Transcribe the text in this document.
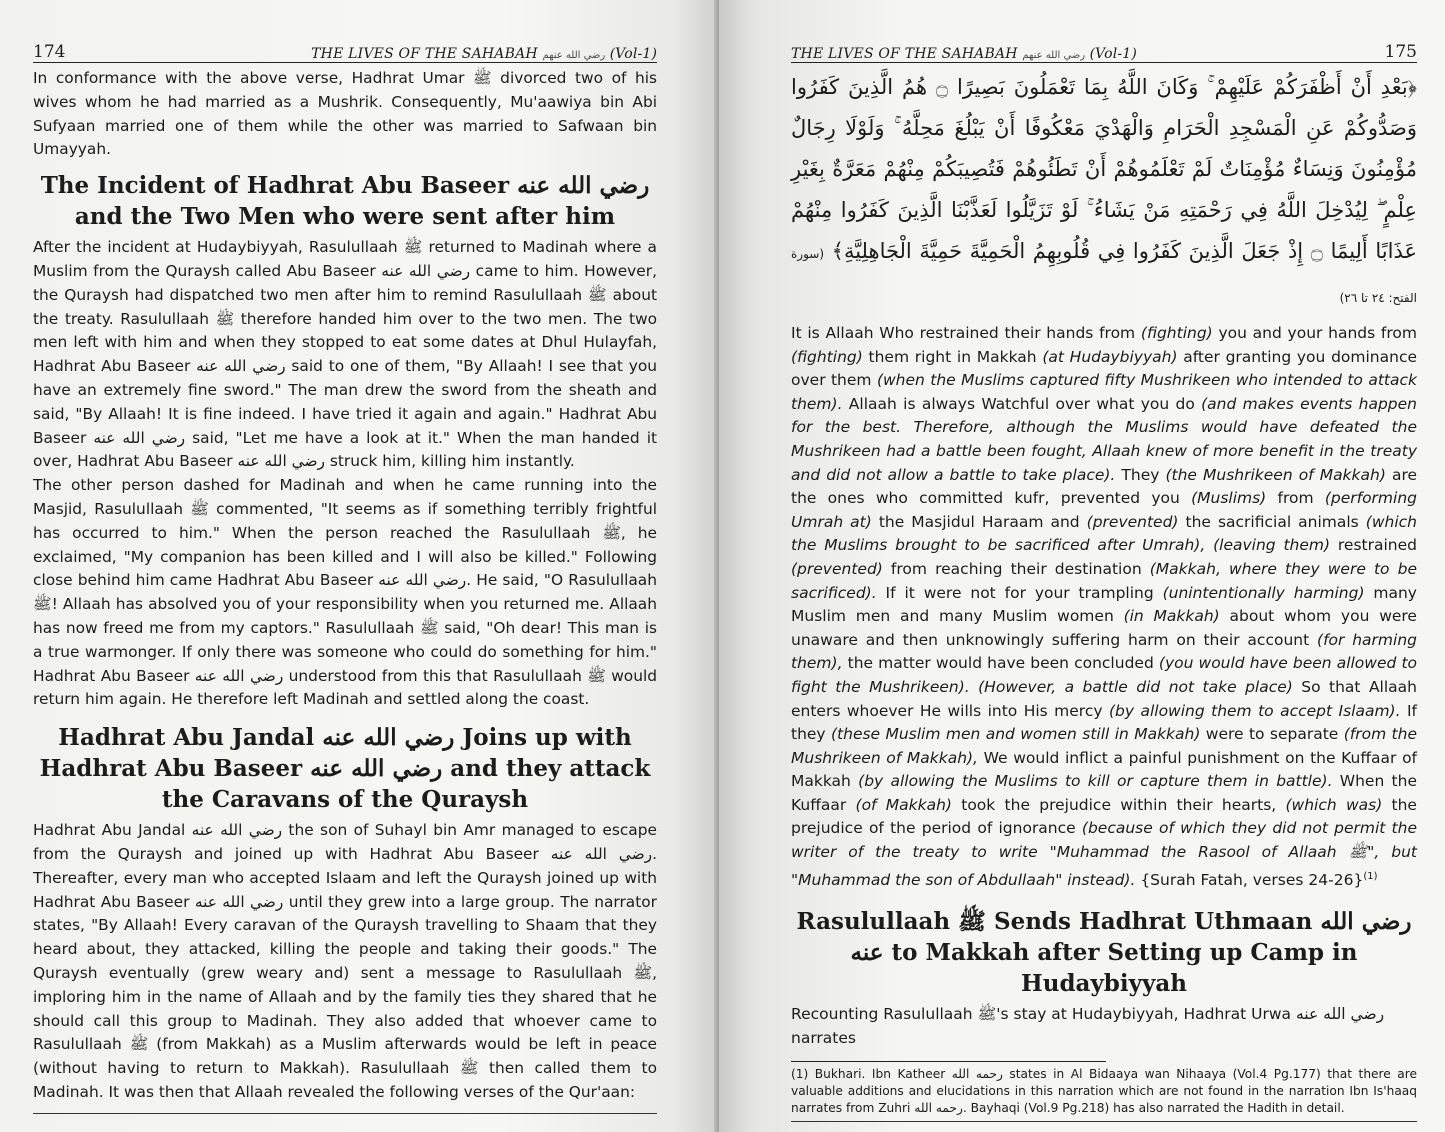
174	THE LIVES OF THE SAHABAH رضي الله عنهم (Vol-1)

In conformance with the above verse, Hadhrat Umar ﷺ divorced two of his wives whom he had married as a Mushrik. Consequently, Mu'aawiya bin Abi Sufyaan married one of them while the other was married to Safwaan bin Umayyah.

The Incident of Hadhrat Abu Baseer رضي الله عنه and the Two Men who were sent after him

After the incident at Hudaybiyyah, Rasulullaah ﷺ returned to Madinah where a Muslim from the Quraysh called Abu Baseer رضي الله عنه came to him. However, the Quraysh had dispatched two men after him to remind Rasulullaah ﷺ about the treaty. Rasulullaah ﷺ therefore handed him over to the two men. The two men left with him and when they stopped to eat some dates at Dhul Hulayfah, Hadhrat Abu Baseer رضي الله عنه said to one of them, "By Allaah! I see that you have an extremely fine sword." The man drew the sword from the sheath and said, "By Allaah! It is fine indeed. I have tried it again and again." Hadhrat Abu Baseer رضي الله عنه said, "Let me have a look at it." When the man handed it over, Hadhrat Abu Baseer رضي الله عنه struck him, killing him instantly.

The other person dashed for Madinah and when he came running into the Masjid, Rasulullaah ﷺ commented, "It seems as if something terribly frightful has occurred to him." When the person reached the Rasulullaah ﷺ, he exclaimed, "My companion has been killed and I will also be killed." Following close behind him came Hadhrat Abu Baseer رضي الله عنه. He said, "O Rasulullaah ﷺ! Allaah has absolved you of your responsibility when you returned me. Allaah has now freed me from my captors." Rasulullaah ﷺ said, "Oh dear! This man is a true warmonger. If only there was someone who could do something for him." Hadhrat Abu Baseer رضي الله عنه understood from this that Rasulullaah ﷺ would return him again. He therefore left Madinah and settled along the coast.

Hadhrat Abu Jandal رضي الله عنه Joins up with Hadhrat Abu Baseer رضي الله عنه and they attack the Caravans of the Quraysh

Hadhrat Abu Jandal رضي الله عنه the son of Suhayl bin Amr managed to escape from the Quraysh and joined up with Hadhrat Abu Baseer رضي الله عنه. Thereafter, every man who accepted Islaam and left the Quraysh joined up with Hadhrat Abu Baseer رضي الله عنه until they grew into a large group. The narrator states, "By Allaah! Every caravan of the Quraysh travelling to Shaam that they heard about, they attacked, killing the people and taking their goods." The Quraysh eventually (grew weary and) sent a message to Rasulullaah ﷺ, imploring him in the name of Allaah and by the family ties they shared that he should call this group to Madinah. They also added that whoever came to Rasulullaah ﷺ (from Makkah) as a Muslim afterwards would be left in peace (without having to return to Makkah). Rasulullaah ﷺ then called them to Madinah. It was then that Allaah revealed the following verses of the Qur'aan:

THE LIVES OF THE SAHABAH رضي الله عنهم (Vol-1)	175
﴿بَعْدِ أَنْ أَظْفَرَكُمْ عَلَيْهِمْ ۚ وَكَانَ اللَّهُ بِمَا تَعْمَلُونَ بَصِيرًا ۝ هُمُ الَّذِينَ كَفَرُوا وَصَدُّوكُمْ عَنِ الْمَسْجِدِ الْحَرَامِ وَالْهَدْيَ مَعْكُوفًا أَنْ يَبْلُغَ مَحِلَّهُ ۚ وَلَوْلَا رِجَالٌ مُؤْمِنُونَ وَنِسَاءٌ مُؤْمِنَاتٌ لَمْ تَعْلَمُوهُمْ أَنْ تَطَئُوهُمْ فَتُصِيبَكُمْ مِنْهُمْ مَعَرَّةٌ بِغَيْرِ عِلْمٍ ۖ لِيُدْخِلَ اللَّهُ فِي رَحْمَتِهِ مَنْ يَشَاءُ ۚ لَوْ تَزَيَّلُوا لَعَذَّبْنَا الَّذِينَ كَفَرُوا مِنْهُمْ عَذَابًا أَلِيمًا ۝ إِذْ جَعَلَ الَّذِينَ كَفَرُوا فِي قُلُوبِهِمُ الْحَمِيَّةَ حَمِيَّةَ الْجَاهِلِيَّةِ﴾ (سورة الفتح: ٢٤ تا ٢٦)

It is Allaah Who restrained their hands from (fighting) you and your hands from (fighting) them right in Makkah (at Hudaybiyyah) after granting you dominance over them (when the Muslims captured fifty Mushrikeen who intended to attack them). Allaah is always Watchful over what you do (and makes events happen for the best. Therefore, although the Muslims would have defeated the Mushrikeen had a battle been fought, Allaah knew of more benefit in the treaty and did not allow a battle to take place). They (the Mushrikeen of Makkah) are the ones who committed kufr, prevented you (Muslims) from (performing Umrah at) the Masjidul Haraam and (prevented) the sacrificial animals (which the Muslims brought to be sacrificed after Umrah), (leaving them) restrained (prevented) from reaching their destination (Makkah, where they were to be sacrificed). If it were not for your trampling (unintentionally harming) many Muslim men and many Muslim women (in Makkah) about whom you were unaware and then unknowingly suffering harm on their account (for harming them), the matter would have been concluded (you would have been allowed to fight the Mushrikeen). (However, a battle did not take place) So that Allaah enters whoever He wills into His mercy (by allowing them to accept Islaam). If they (these Muslim men and women still in Makkah) were to separate (from the Mushrikeen of Makkah), We would inflict a painful punishment on the Kuffaar of Makkah (by allowing the Muslims to kill or capture them in battle). When the Kuffaar (of Makkah) took the prejudice within their hearts, (which was) the prejudice of the period of ignorance (because of which they did not permit the writer of the treaty to write "Muhammad the Rasool of Allaah ﷺ", but "Muhammad the son of Abdullaah" instead). {Surah Fatah, verses 24-26}$^{(1)}$

Rasulullaah ﷺ Sends Hadhrat Uthmaan رضي الله عنه to Makkah after Setting up Camp in Hudaybiyyah

Recounting Rasulullaah ﷺ's stay at Hudaybiyyah, Hadhrat Urwa رضي الله عنه narrates

(1) Bukhari. Ibn Katheer رحمه الله states in Al Bidaaya wan Nihaaya (Vol.4 Pg.177) that there are valuable additions and elucidations in this narration which are not found in the narration Ibn Is'haaq narrates from Zuhri رحمه الله. Bayhaqi (Vol.9 Pg.218) has also narrated the Hadith in detail.
